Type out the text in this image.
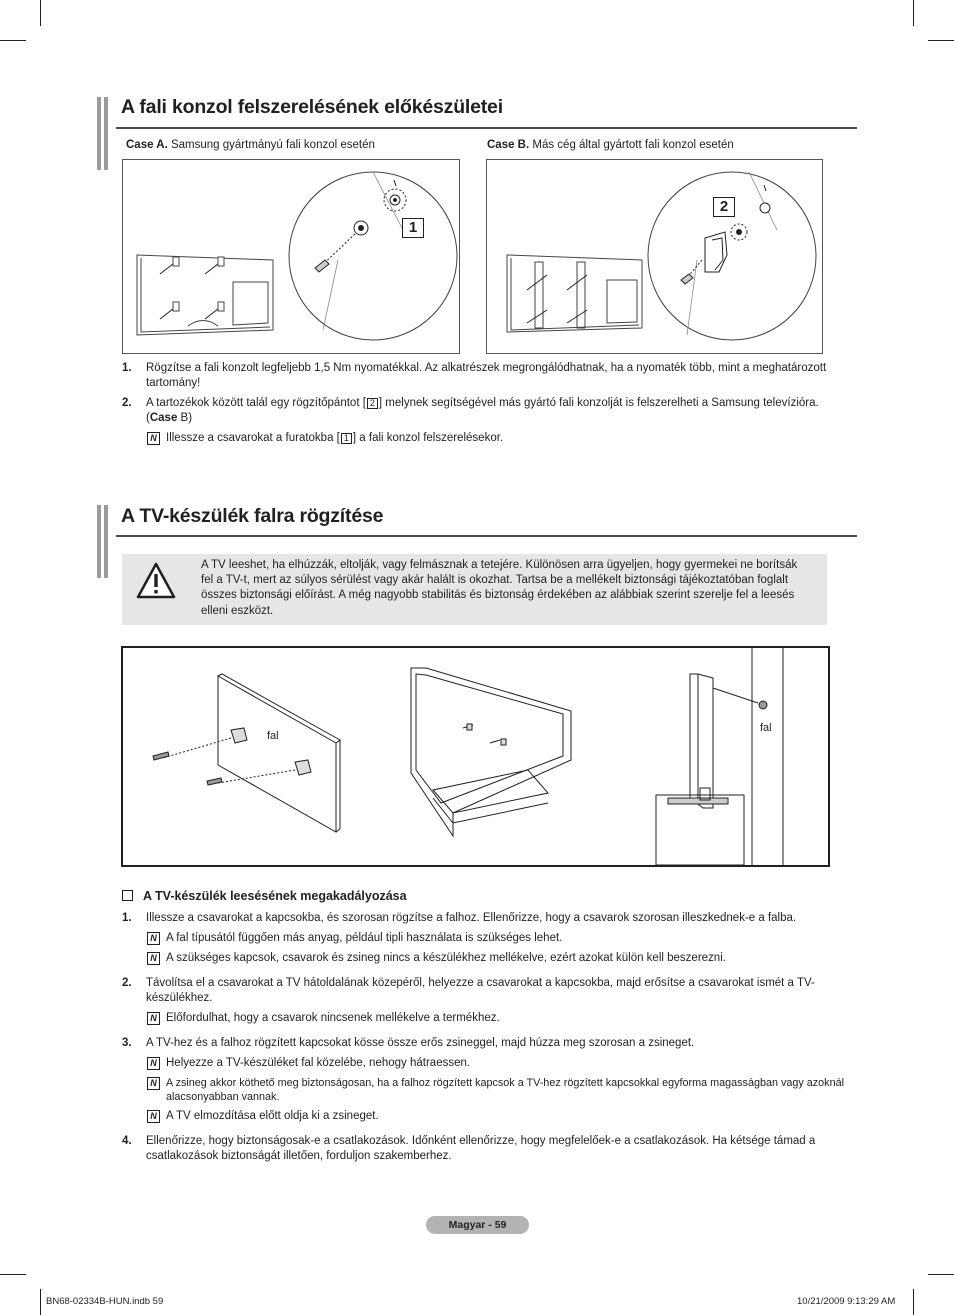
A fali konzol felszerelésének előkészületei
Case A. Samsung gyártmányú fali konzol esetén	Case B. Más cég által gyártott fali konzol esetén
1
2
1. Rögzítse a fali konzolt legfeljebb 1,5 Nm nyomatékkal. Az alkatrészek megrongálódhatnak, ha a nyomaték több, mint a meghatározott tartomány!
2. A tartozékok között talál egy rögzítőpántot [ 2 ] melynek segítségével más gyártó fali konzolját is felszerelheti a Samsung televízióra. (Case B)
N Illessze a csavarokat a furatokba [ 1 ] a fali konzol felszerelésekor.
A TV-készülék falra rögzítése
A TV leeshet, ha elhúzzák, eltolják, vagy felmásznak a tetejére. Különösen arra ügyeljen, hogy gyermekei ne borítsák fel a TV-t, mert az súlyos sérülést vagy akár halált is okozhat. Tartsa be a mellékelt biztonsági tájékoztatóban foglalt összes biztonsági előírást. A még nagyobb stabilitás és biztonság érdekében az alábbiak szerint szerelje fel a leesés elleni eszközt.
fal
fal
A TV-készülék leesésének megakadályozása
1. Illessze a csavarokat a kapcsokba, és szorosan rögzítse a falhoz. Ellenőrizze, hogy a csavarok szorosan illeszkednek-e a falba.
N A fal típusától függően más anyag, például tipli használata is szükséges lehet.
N A szükséges kapcsok, csavarok és zsineg nincs a készülékhez mellékelve, ezért azokat külön kell beszerezni.
2. Távolítsa el a csavarokat a TV hátoldalának közepéről, helyezze a csavarokat a kapcsokba, majd erősítse a csavarokat ismét a TV-készülékhez.
N Előfordulhat, hogy a csavarok nincsenek mellékelve a termékhez.
3. A TV-hez és a falhoz rögzített kapcsokat kösse össze erős zsineggel, majd húzza meg szorosan a zsineget.
N Helyezze a TV-készüléket fal közelébe, nehogy hátraessen.
N A zsineg akkor köthető meg biztonságosan, ha a falhoz rögzített kapcsok a TV-hez rögzített kapcsokkal egyforma magasságban vagy azoknál alacsonyabban vannak.
N A TV elmozdítása előtt oldja ki a zsineget.
4. Ellenőrizze, hogy biztonságosak-e a csatlakozások. Időnként ellenőrizze, hogy megfelelőek-e a csatlakozások. Ha kétsége támad a csatlakozások biztonságát illetően, forduljon szakemberhez.
Magyar - 59
BN68-02334B-HUN.indb 59	10/21/2009 9:13:29 AM
